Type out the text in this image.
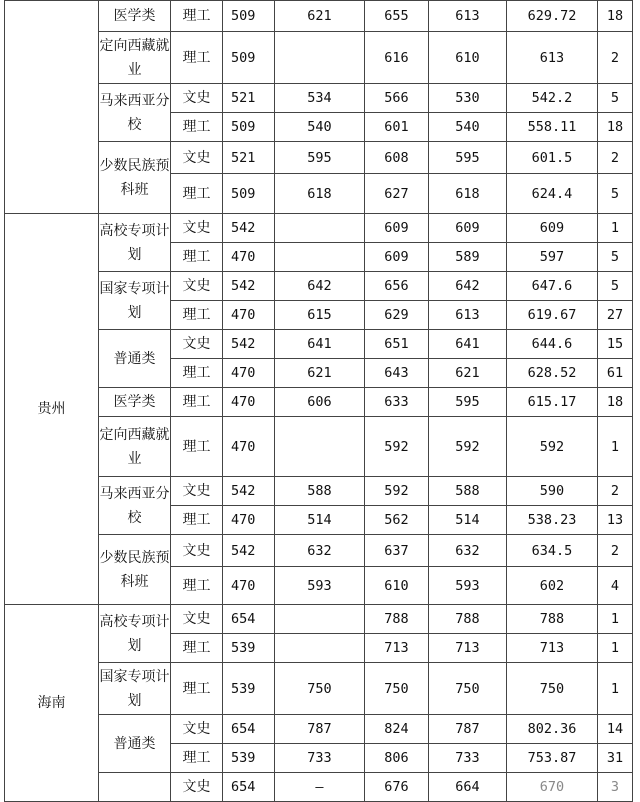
	医学类	理工	509	621	655	613	629.72	18
	定向西藏就业	理工	509		616	610	613	2
	马来西亚分校	文史	521	534	566	530	542.2	5
		理工	509	540	601	540	558.11	18
	少数民族预科班	文史	521	595	608	595	601.5	2
		理工	509	618	627	618	624.4	5
贵州	高校专项计划	文史	542		609	609	609	1
		理工	470		609	589	597	5
	国家专项计划	文史	542	642	656	642	647.6	5
		理工	470	615	629	613	619.67	27
	普通类	文史	542	641	651	641	644.6	15
		理工	470	621	643	621	628.52	61
	医学类	理工	470	606	633	595	615.17	18
	定向西藏就业	理工	470		592	592	592	1
	马来西亚分校	文史	542	588	592	588	590	2
		理工	470	514	562	514	538.23	13
	少数民族预科班	文史	542	632	637	632	634.5	2
		理工	470	593	610	593	602	4
海南	高校专项计划	文史	654		788	788	788	1
		理工	539		713	713	713	1
	国家专项计划	理工	539	750	750	750	750	1
	普通类	文史	654	787	824	787	802.36	14
		理工	539	733	806	733	753.87	31
		文史	654	–	676	664	670	3
